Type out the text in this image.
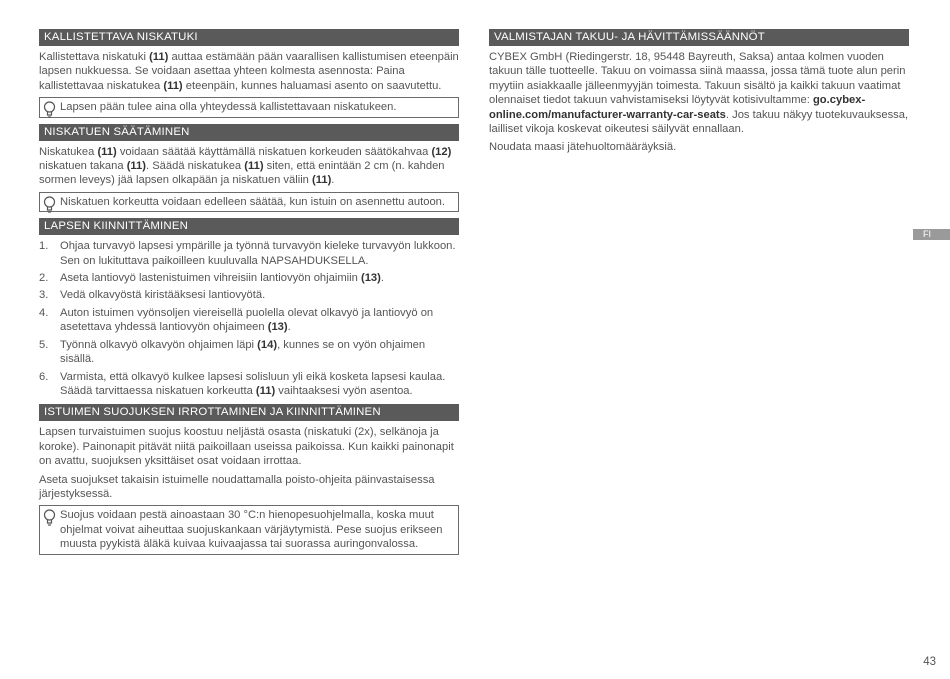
KALLISTETTAVA NISKATUKI

Kallistettava niskatuki (11) auttaa estämään pään vaarallisen kallistumisen eteenpäin lapsen nukkuessa. Se voidaan asettaa yhteen kolmesta asennosta: Paina kallistettavaa niskatukea (11) eteenpäin, kunnes haluamasi asento on saavutettu.

Lapsen pään tulee aina olla yhteydessä kallistettavaan niskatukeen.
NISKATUEN SÄÄTÄMINEN

Niskatukea (11) voidaan säätää käyttämällä niskatuen korkeuden säätökahvaa (12) niskatuen takana (11). Säädä niskatukea (11) siten, että enintään 2 cm (n. kahden sormen leveys) jää lapsen olkapään ja niskatuen väliin (11).

Niskatuen korkeutta voidaan edelleen säätää, kun istuin on asennettu autoon.
LAPSEN KIINNITTÄMINEN
1. Ohjaa turvavyö lapsesi ympärille ja työnnä turvavyön kieleke turvavyön lukkoon. Sen on lukituttava paikoilleen kuuluvalla NAPSAHDUKSELLA.
2. Aseta lantiovyö lastenistuimen vihreisiin lantiovyön ohjaimiin (13).
3. Vedä olkavyöstä kiristääksesi lantiovyötä.
4. Auton istuimen vyönsoljen viereisellä puolella olevat olkavyö ja lantiovyö on asetettava yhdessä lantiovyön ohjaimeen (13).
5. Työnnä olkavyö olkavyön ohjaimen läpi (14), kunnes se on vyön ohjaimen sisällä.
6. Varmista, että olkavyö kulkee lapsesi solisluun yli eikä kosketa lapsesi kaulaa. Säädä tarvittaessa niskatuen korkeutta (11) vaihtaaksesi vyön asentoa.
ISTUIMEN SUOJUKSEN IRROTTAMINEN JA KIINNITTÄMINEN

Lapsen turvaistuimen suojus koostuu neljästä osasta (niskatuki (2x), selkänoja ja koroke). Painonapit pitävät niitä paikoillaan useissa paikoissa. Kun kaikki painonapit on avattu, suojuksen yksittäiset osat voidaan irrottaa.

Aseta suojukset takaisin istuimelle noudattamalla poisto-ohjeita päinvastaisessa järjestyksessä.

Suojus voidaan pestä ainoastaan 30 °C:n hienopesuohjelmalla, koska muut ohjelmat voivat aiheuttaa suojuskankaan värjäytymistä. Pese suojus erikseen muusta pyykistä äläkä kuivaa kuivaajassa tai suorassa auringonvalossa.
VALMISTAJAN TAKUU- JA HÄVITTÄMISSÄÄNNÖT

CYBEX GmbH (Riedingerstr. 18, 95448 Bayreuth, Saksa) antaa kolmen vuoden takuun tälle tuotteelle. Takuu on voimassa siinä maassa, jossa tämä tuote alun perin myytiin asiakkaalle jälleenmyyjän toimesta. Takuun sisältö ja kaikki takuun vaatimat olennaiset tiedot takuun vahvistamiseksi löytyvät kotisivultamme: go.cybex-online.com/manufacturer-warranty-car-seats. Jos takuu näkyy tuotekuvauksessa, lailliset vikoja koskevat oikeutesi säilyvät ennallaan.

Noudata maasi jätehuoltomääräyksiä.

FI
43
